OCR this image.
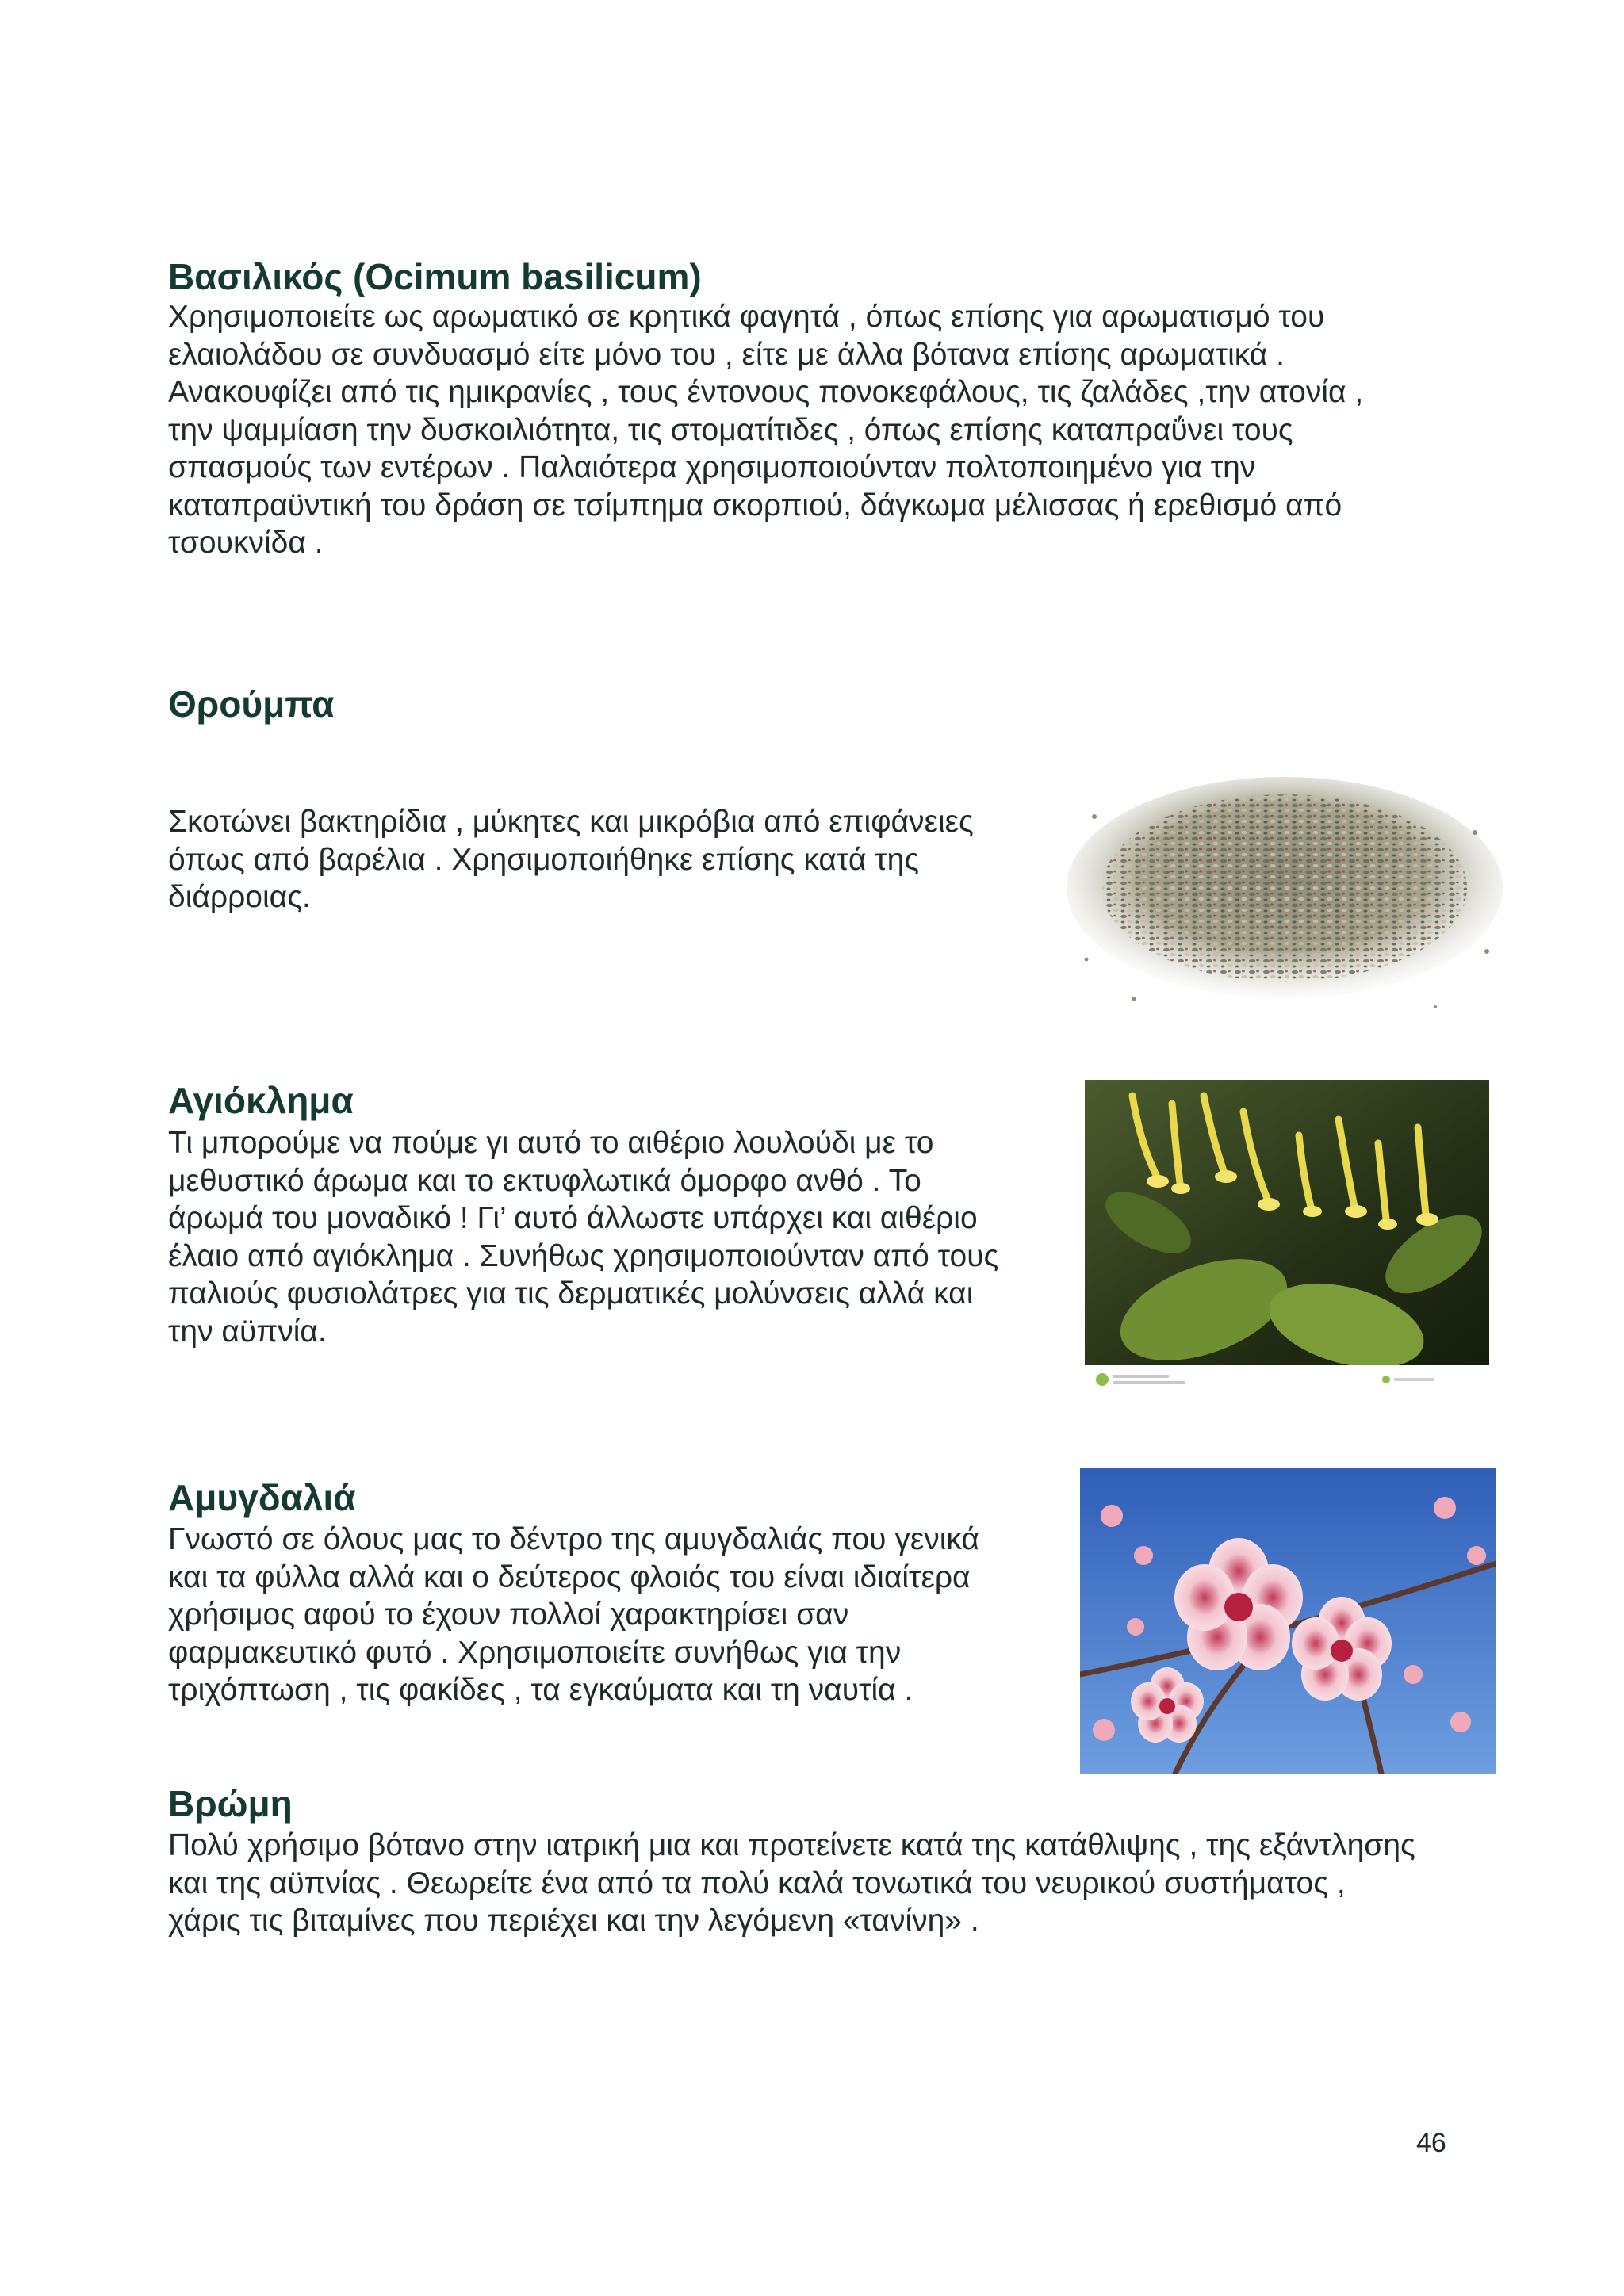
Βασιλικός (Ocimum basilicum)
Χρησιμοποιείτε ως αρωματικό σε κρητικά φαγητά , όπως επίσης για αρωματισμό του
ελαιολάδου σε συνδυασμό είτε μόνο του , είτε με άλλα βότανα επίσης αρωματικά .
Ανακουφίζει από τις ημικρανίες , τους έντονους πονοκεφάλους, τις ζαλάδες ,την ατονία ,
την ψαμμίαση την δυσκοιλιότητα, τις στοματίτιδες , όπως επίσης καταπραΰνει τους
σπασμούς των εντέρων . Παλαιότερα χρησιμοποιούνταν πολτοποιημένο για την
καταπραϋντική του δράση σε τσίμπημα σκορπιού, δάγκωμα μέλισσας ή ερεθισμό από
τσουκνίδα .
Θρούμπα
Σκοτώνει βακτηρίδια , μύκητες και μικρόβια από επιφάνειες
όπως από βαρέλια . Χρησιμοποιήθηκε επίσης κατά της
διάρροιας.
Αγιόκλημα
Τι μπορούμε να πούμε γι αυτό το αιθέριο λουλούδι με το
μεθυστικό άρωμα και το εκτυφλωτικά όμορφο ανθό . Το
άρωμά του μοναδικό ! Γι’ αυτό άλλωστε υπάρχει και αιθέριο
έλαιο από αγιόκλημα . Συνήθως χρησιμοποιούνταν από τους
παλιούς φυσιολάτρες για τις δερματικές μολύνσεις αλλά και
την αϋπνία.
Αμυγδαλιά
Γνωστό σε όλους μας το δέντρο της αμυγδαλιάς που γενικά
και τα φύλλα αλλά και ο δεύτερος φλοιός του είναι ιδιαίτερα
χρήσιμος αφού το έχουν πολλοί χαρακτηρίσει σαν
φαρμακευτικό φυτό . Χρησιμοποιείτε συνήθως για την
τριχόπτωση , τις φακίδες , τα εγκαύματα και τη ναυτία .
Βρώμη
Πολύ χρήσιμο βότανο στην ιατρική μια και προτείνετε κατά της κατάθλιψης , της εξάντλησης
και της αϋπνίας . Θεωρείτε ένα από τα πολύ καλά τονωτικά του νευρικού συστήματος ,
χάρις τις βιταμίνες που περιέχει και την λεγόμενη «τανίνη» .
46
